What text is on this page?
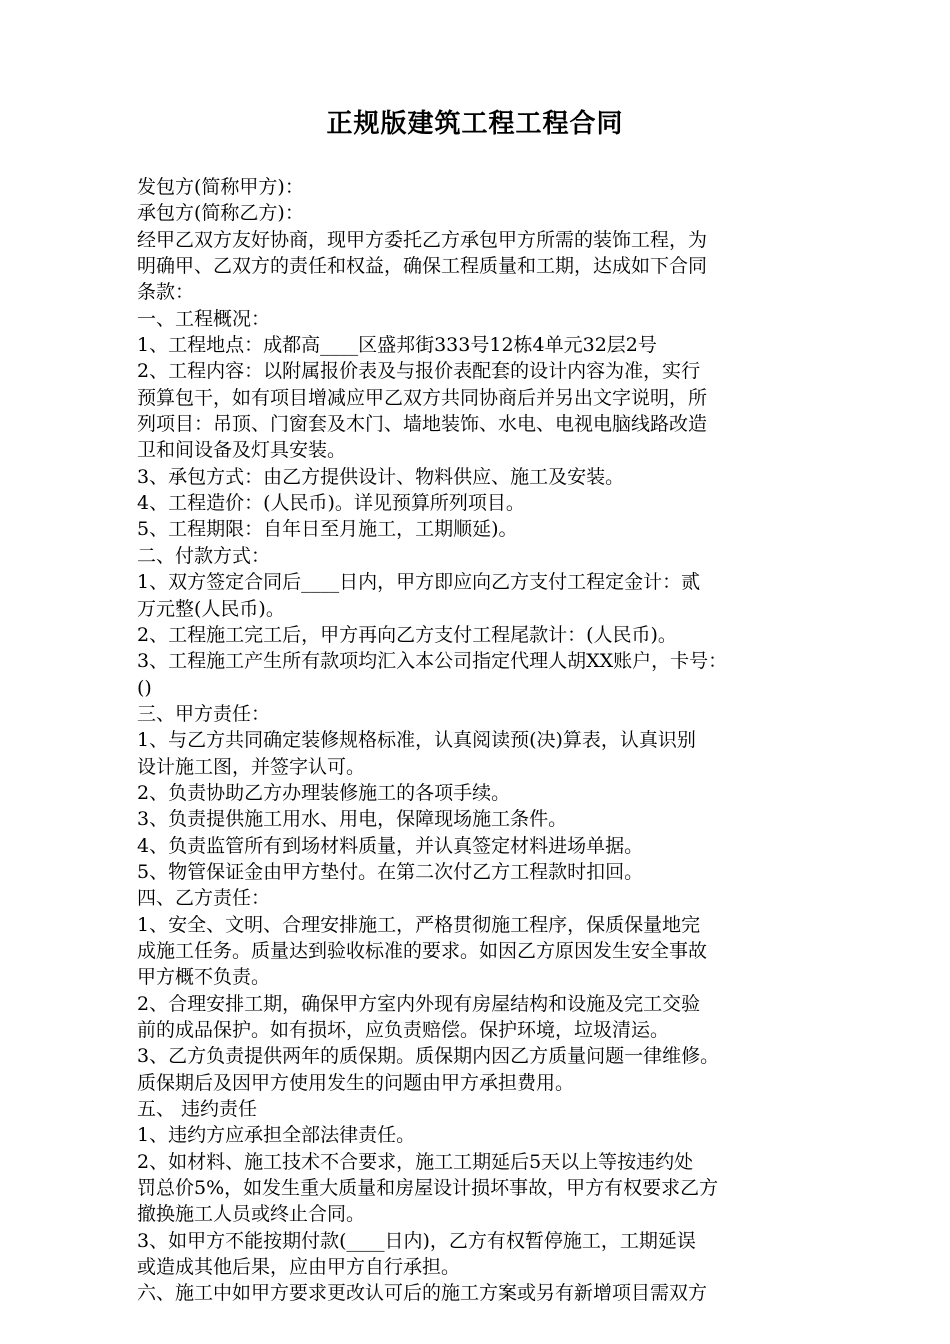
正规版建筑工程工程合同
发包方(简称甲方)：
承包方(简称乙方)：
经甲乙双方友好协商，现甲方委托乙方承包甲方所需的装饰工程，为
明确甲、乙双方的责任和权益，确保工程质量和工期，达成如下合同
条款：
一、工程概况：
1、工程地点：成都高____区盛邦街333号12栋4单元32层2号
2、工程内容：以附属报价表及与报价表配套的设计内容为准，实行
预算包干，如有项目增减应甲乙双方共同协商后并另出文字说明，所
列项目：吊顶、门窗套及木门、墙地装饰、水电、电视电脑线路改造
卫和间设备及灯具安装。
3、承包方式：由乙方提供设计、物料供应、施工及安装。
4、工程造价：(人民币)。详见预算所列项目。
5、工程期限：自年日至月施工，工期顺延)。
二、付款方式：
1、双方签定合同后____日内，甲方即应向乙方支付工程定金计：贰
万元整(人民币)。
2、工程施工完工后，甲方再向乙方支付工程尾款计：(人民币)。
3、工程施工产生所有款项均汇入本公司指定代理人胡XX账户，卡号：
()
三、甲方责任：
1、与乙方共同确定装修规格标准，认真阅读预(决)算表，认真识别
设计施工图，并签字认可。
2、负责协助乙方办理装修施工的各项手续。
3、负责提供施工用水、用电，保障现场施工条件。
4、负责监管所有到场材料质量，并认真签定材料进场单据。
5、物管保证金由甲方垫付。在第二次付乙方工程款时扣回。
四、乙方责任：
1、安全、文明、合理安排施工，严格贯彻施工程序，保质保量地完
成施工任务。质量达到验收标准的要求。如因乙方原因发生安全事故
甲方概不负责。
2、合理安排工期，确保甲方室内外现有房屋结构和设施及完工交验
前的成品保护。如有损坏，应负责赔偿。保护环境，垃圾清运。
3、乙方负责提供两年的质保期。质保期内因乙方质量问题一律维修。
质保期后及因甲方使用发生的问题由甲方承担费用。
五、 违约责任
1、违约方应承担全部法律责任。
2、如材料、施工技术不合要求，施工工期延后5天以上等按违约处
罚总价5%，如发生重大质量和房屋设计损坏事故，甲方有权要求乙方
撤换施工人员或终止合同。
3、如甲方不能按期付款(____日内)，乙方有权暂停施工，工期延误
或造成其他后果，应由甲方自行承担。
六、施工中如甲方要求更改认可后的施工方案或另有新增项目需双方
